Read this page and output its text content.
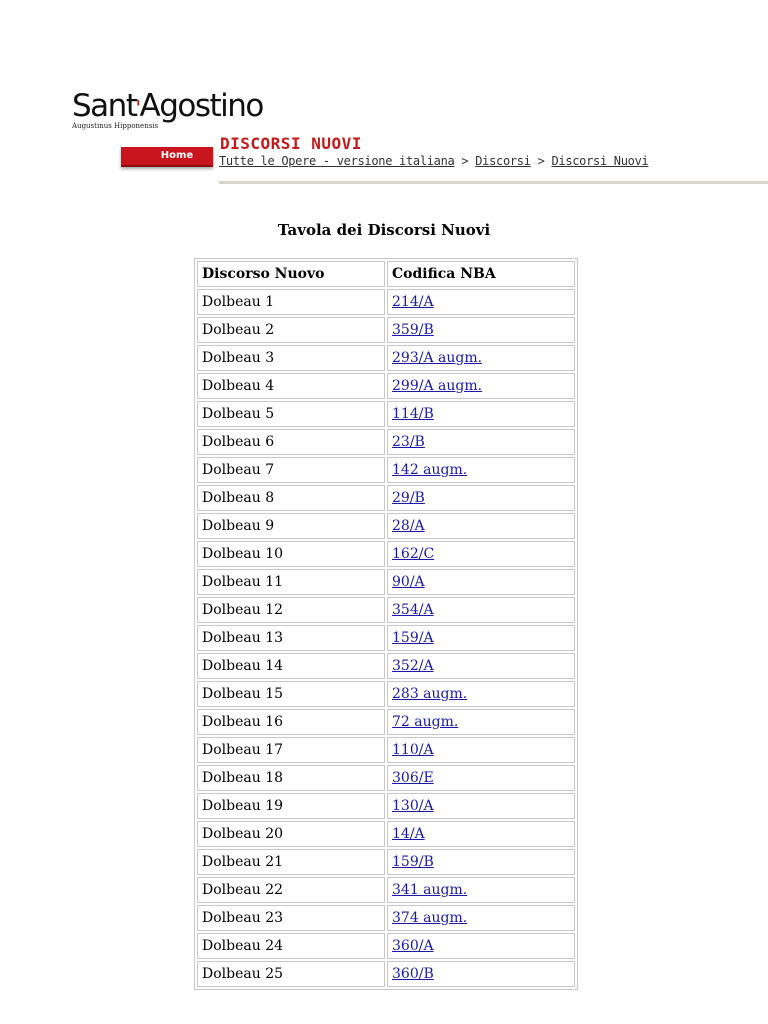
Sant'Agostino
Augustinus Hipponensis
DISCORSI NUOVI
Home	Tutte le Opere - versione italiana > Discorsi > Discorsi Nuovi
Tavola dei Discorsi Nuovi
Discorso Nuovo	Codifica NBA
Dolbeau 1	214/A
Dolbeau 2	359/B
Dolbeau 3	293/A augm.
Dolbeau 4	299/A augm.
Dolbeau 5	114/B
Dolbeau 6	23/B
Dolbeau 7	142 augm.
Dolbeau 8	29/B
Dolbeau 9	28/A
Dolbeau 10	162/C
Dolbeau 11	90/A
Dolbeau 12	354/A
Dolbeau 13	159/A
Dolbeau 14	352/A
Dolbeau 15	283 augm.
Dolbeau 16	72 augm.
Dolbeau 17	110/A
Dolbeau 18	306/E
Dolbeau 19	130/A
Dolbeau 20	14/A
Dolbeau 21	159/B
Dolbeau 22	341 augm.
Dolbeau 23	374 augm.
Dolbeau 24	360/A
Dolbeau 25	360/B
